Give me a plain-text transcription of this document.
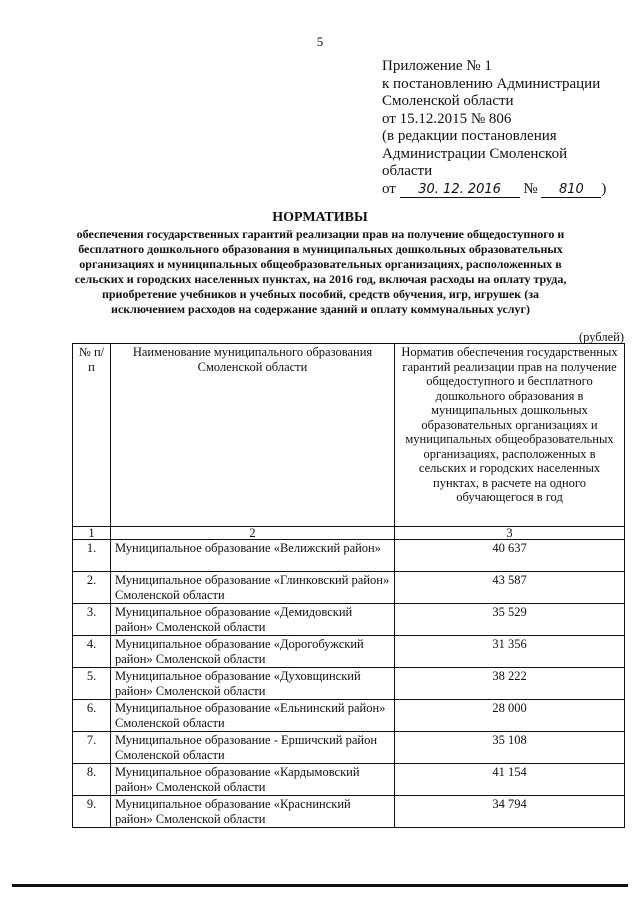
5
Приложение № 1
к постановлению Администрации
Смоленской области
от 15.12.2015 № 806
(в редакции постановления
Администрации Смоленской
области
от 30. 12. 2016 № 810 )
НОРМАТИВЫ
обеспечения государственных гарантий реализации прав на получение общедоступного и бесплатного дошкольного образования в муниципальных дошкольных образовательных организациях и муниципальных общеобразовательных организациях, расположенных в сельских и городских населенных пунктах, на 2016 год, включая расходы на оплату труда, приобретение учебников и учебных пособий, средств обучения, игр, игрушек (за исключением расходов на содержание зданий и оплату коммунальных услуг)
(рублей)
№ п/п	Наименование муниципального образования Смоленской области	Норматив обеспечения государственных гарантий реализации прав на получение общедоступного и бесплатного дошкольного образования в муниципальных дошкольных образовательных организациях и муниципальных общеобразовательных организациях, расположенных в сельских и городских населенных пунктах, в расчете на одного обучающегося в год
1	2	3
1.	Муниципальное образование «Велижский район»	40 637
2.	Муниципальное образование «Глинковский район» Смоленской области	43 587
3.	Муниципальное образование «Демидовский район» Смоленской области	35 529
4.	Муниципальное образование «Дорогобужский район» Смоленской области	31 356
5.	Муниципальное образование «Духовщинский район» Смоленской области	38 222
6.	Муниципальное образование «Ельнинский район» Смоленской области	28 000
7.	Муниципальное образование - Ершичский район Смоленской области	35 108
8.	Муниципальное образование «Кардымовский район» Смоленской области	41 154
9.	Муниципальное образование «Краснинский район» Смоленской области	34 794
